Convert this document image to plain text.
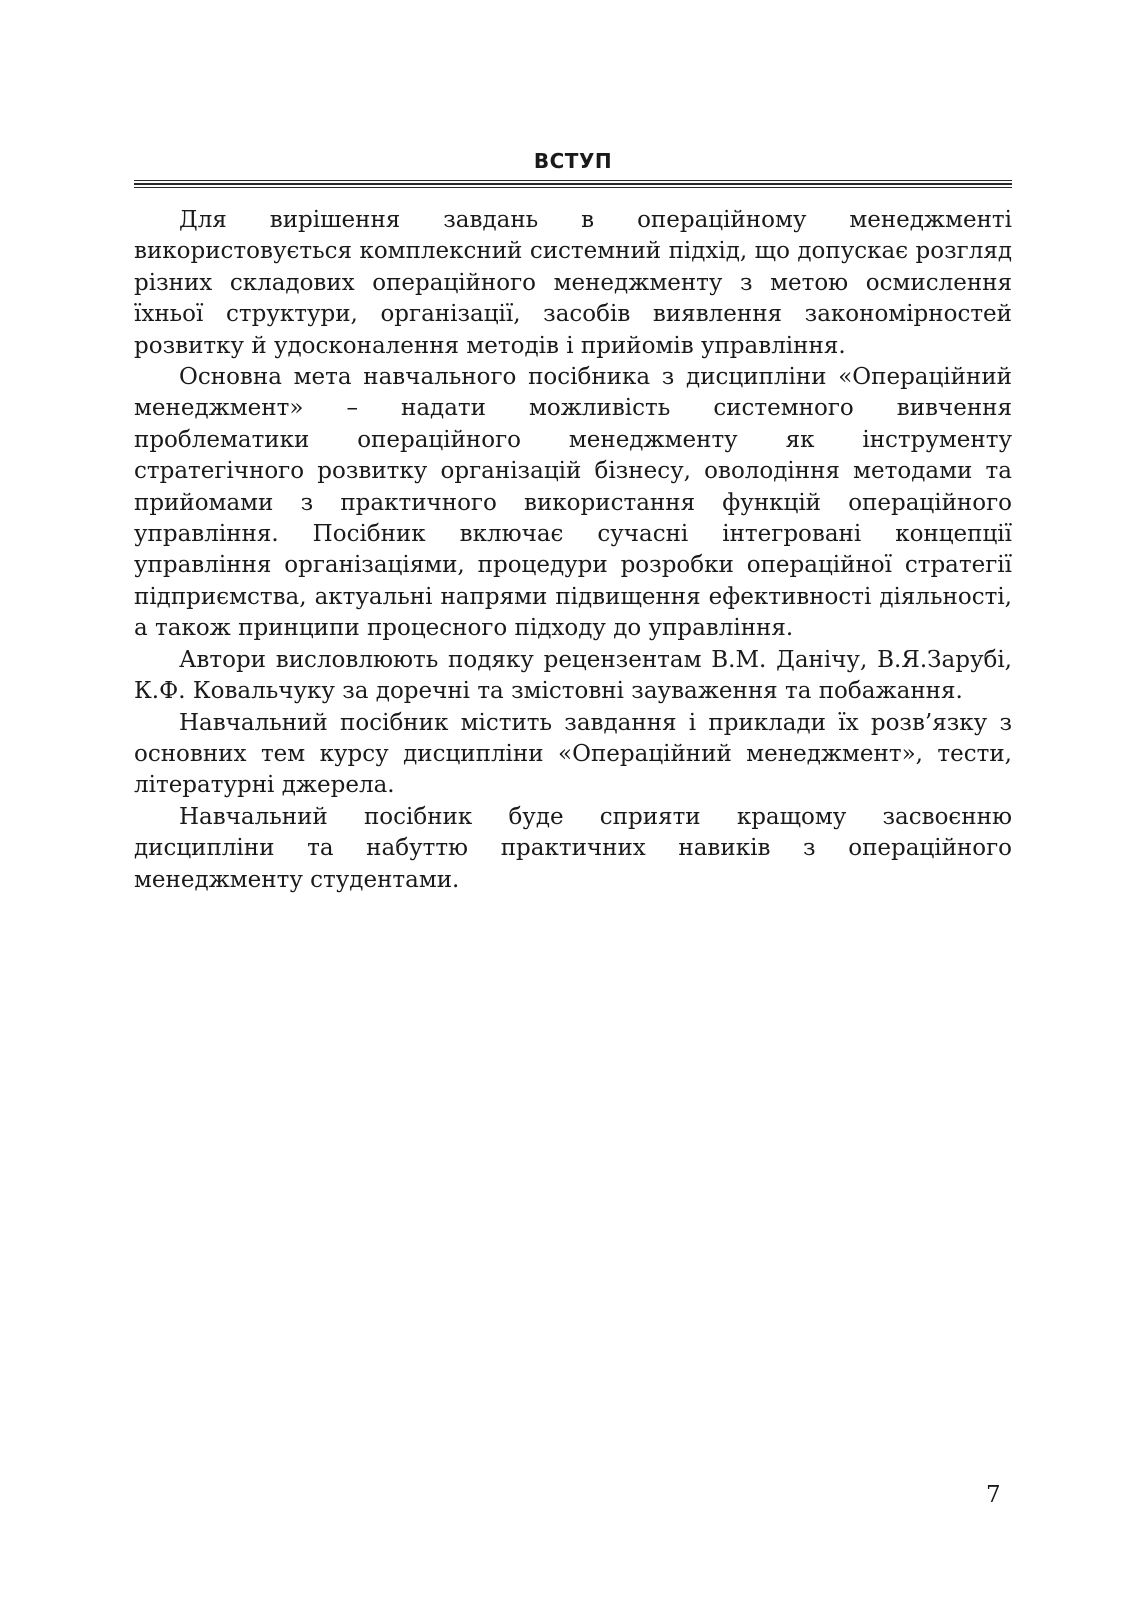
ВСТУП

Для вирішення завдань в операційному менеджменті використовується комплексний системний підхід, що допускає розгляд різних складових операційного менеджменту з метою осмислення їхньої структури, організації, засобів виявлення закономірностей розвитку й удосконалення методів і прийомів управління.

Основна мета навчального посібника з дисципліни «Операційний менеджмент» – надати можливість системного вивчення проблематики операційного менеджменту як інструменту стратегічного розвитку організацій бізнесу, оволодіння методами та прийомами з практичного використання функцій операційного управління. Посібник включає сучасні інтегровані концепції управління організаціями, процедури розробки операційної стратегії підприємства, актуальні напрями підвищення ефективності діяльності, а також принципи процесного підходу до управління.

Автори висловлюють подяку рецензентам В.М. Данічу, В.Я.Зарубі, К.Ф. Ковальчуку за доречні та змістовні зауваження та побажання.

Навчальний посібник містить завдання і приклади їх розв’язку з основних тем курсу дисципліни «Операційний менеджмент», тести, літературні джерела.

Навчальний посібник буде сприяти кращому засвоєнню дисципліни та набуттю практичних навиків з операційного менеджменту студентами.

7
